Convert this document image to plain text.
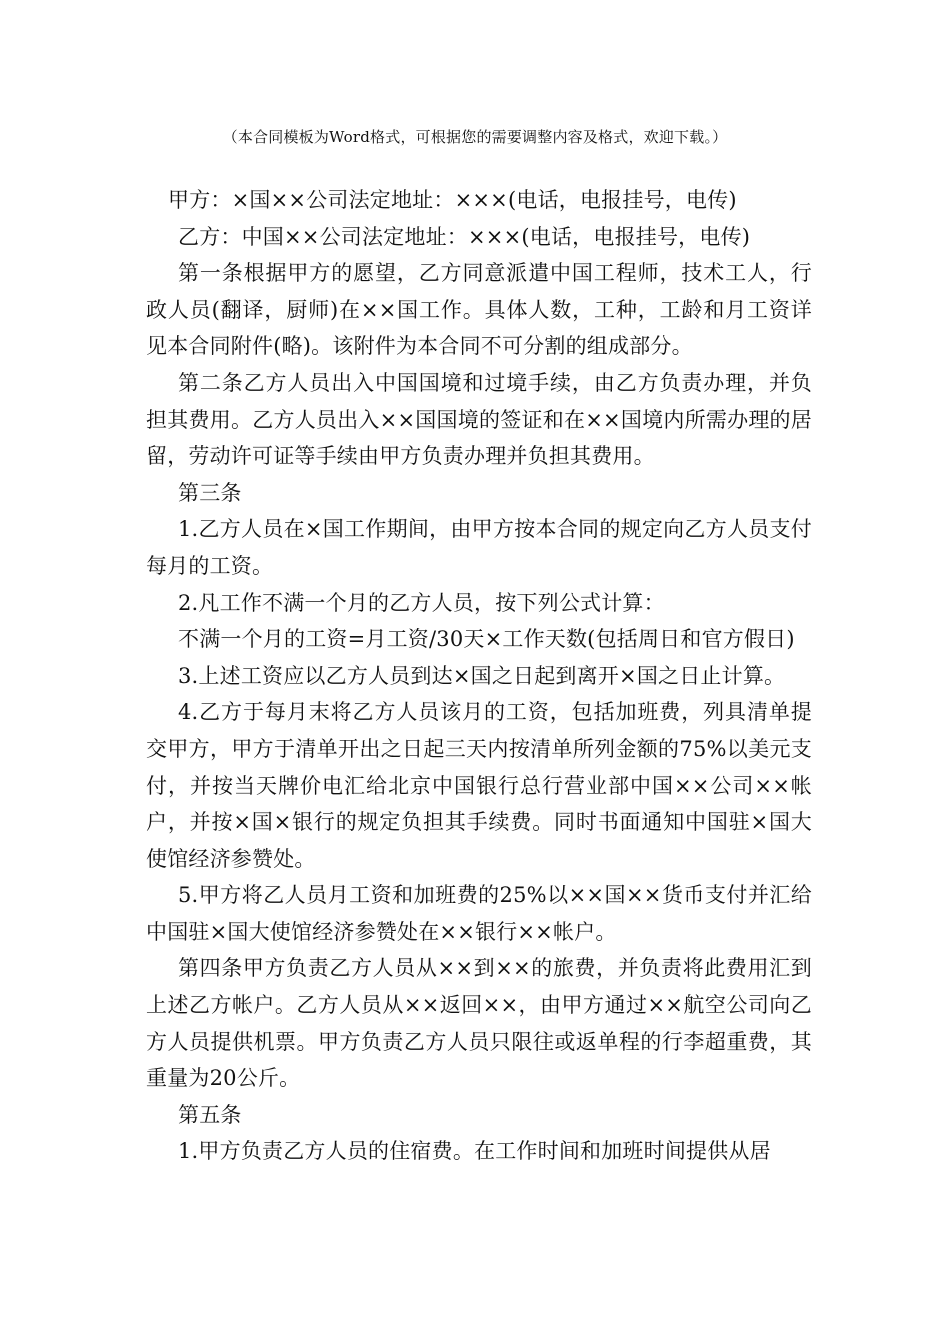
（本合同模板为Word格式，可根据您的需要调整内容及格式，欢迎下载。）

甲方：×国××公司法定地址：×××(电话，电报挂号，电传)

乙方：中国××公司法定地址：×××(电话，电报挂号，电传)

第一条根据甲方的愿望，乙方同意派遣中国工程师，技术工人，行政人员(翻译，厨师)在××国工作。具体人数，工种，工龄和月工资详见本合同附件(略)。该附件为本合同不可分割的组成部分。

第二条乙方人员出入中国国境和过境手续，由乙方负责办理，并负担其费用。乙方人员出入××国国境的签证和在××国境内所需办理的居留，劳动许可证等手续由甲方负责办理并负担其费用。

第三条

1.乙方人员在×国工作期间，由甲方按本合同的规定向乙方人员支付每月的工资。

2.凡工作不满一个月的乙方人员，按下列公式计算：

不满一个月的工资=月工资/30天×工作天数(包括周日和官方假日)

3.上述工资应以乙方人员到达×国之日起到离开×国之日止计算。

4.乙方于每月末将乙方人员该月的工资，包括加班费，列具清单提交甲方，甲方于清单开出之日起三天内按清单所列金额的75%以美元支付，并按当天牌价电汇给北京中国银行总行营业部中国××公司××帐户，并按×国×银行的规定负担其手续费。同时书面通知中国驻×国大使馆经济参赞处。

5.甲方将乙人员月工资和加班费的25%以××国××货币支付并汇给中国驻×国大使馆经济参赞处在××银行××帐户。

第四条甲方负责乙方人员从××到××的旅费，并负责将此费用汇到上述乙方帐户。乙方人员从××返回××，由甲方通过××航空公司向乙方人员提供机票。甲方负责乙方人员只限往或返单程的行李超重费，其重量为20公斤。

第五条

1.甲方负责乙方人员的住宿费。在工作时间和加班时间提供从居
